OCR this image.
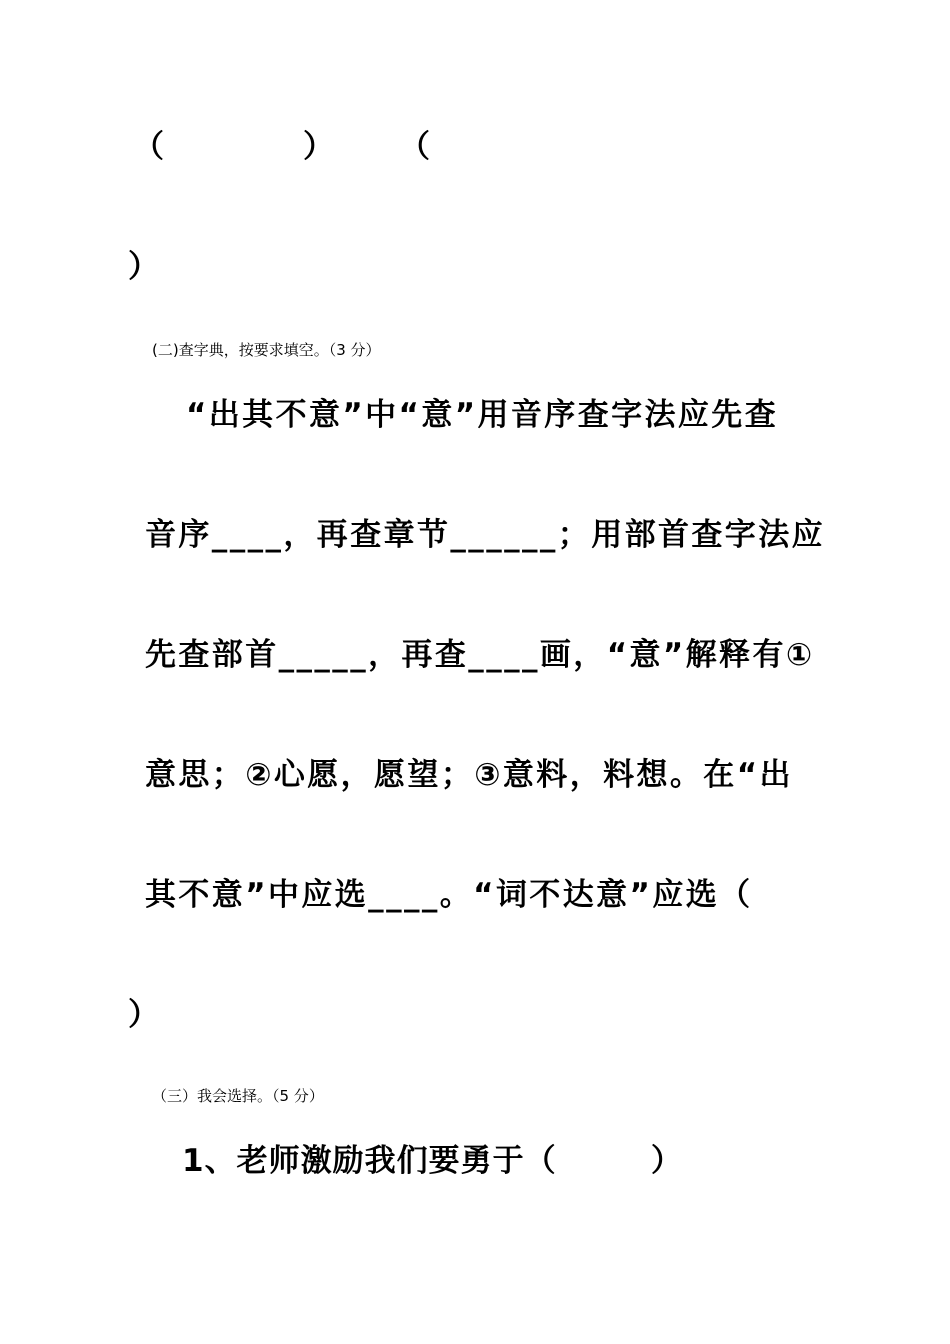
（

	）

（

）
(二)查字典，按要求填空。（3 分）
“出其不意”中“意”用音序查字法应先查
音序____，再查章节______；用部首查字法应
先查部首_____，再查____画，“意”解释有①
意思；②心愿，愿望；③意料，料想。在“出
其不意”中应选____。“词不达意”应选（
）
（三）我会选择。（5 分）
1、老师激励我们要勇于（        ）
